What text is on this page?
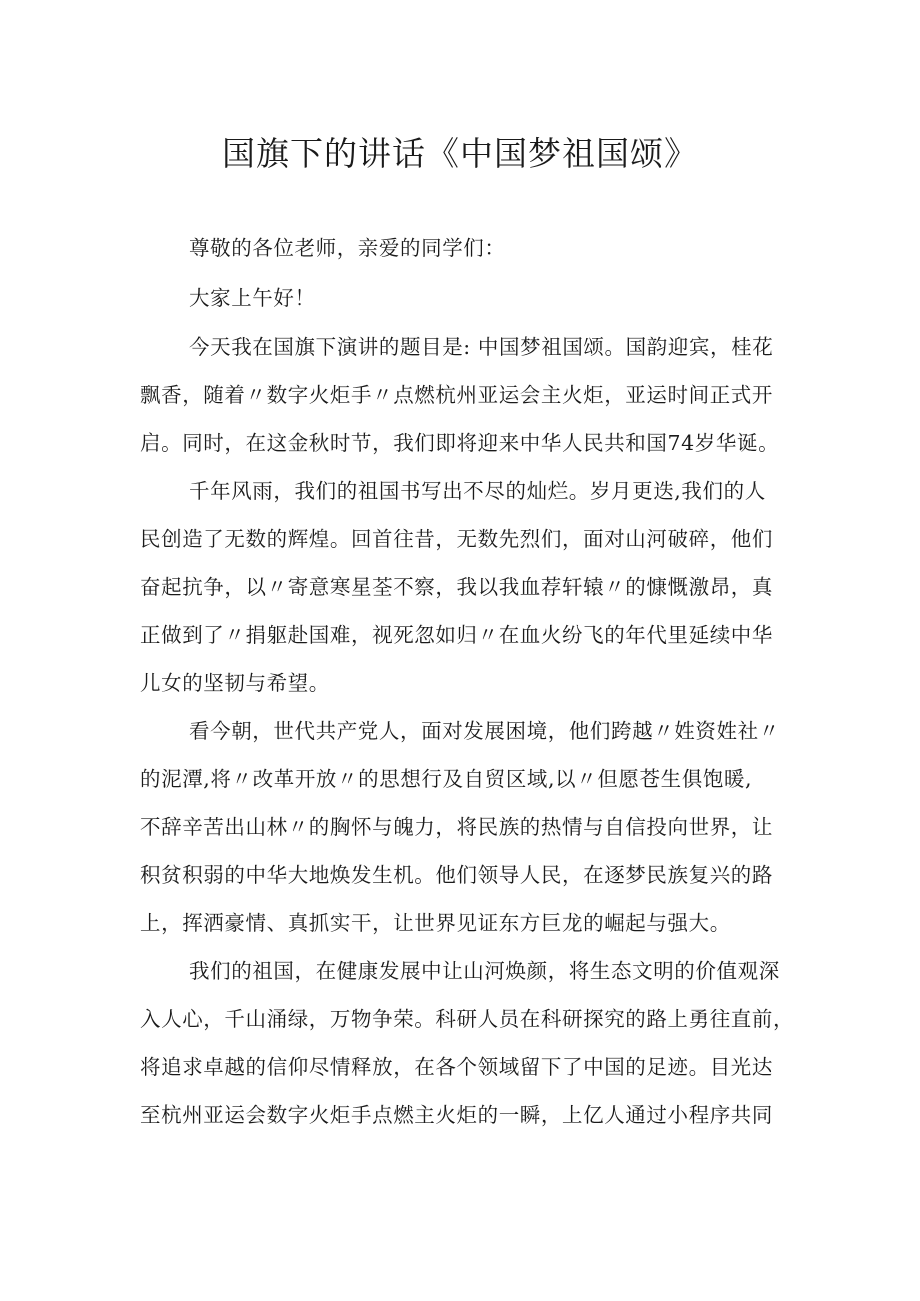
国旗下的讲话《中国梦祖国颂》
尊敬的各位老师，亲爱的同学们：
大家上午好！
今天我在国旗下演讲的题目是: 中国梦祖国颂。国韵迎宾，桂花
飘香，随着〃数字火炬手〃点燃杭州亚运会主火炬，亚运时间正式开
启。同时，在这金秋时节，我们即将迎来中华人民共和国74岁华诞。
千年风雨，我们的祖国书写出不尽的灿烂。岁月更迭,我们的人
民创造了无数的辉煌。回首往昔，无数先烈们，面对山河破碎，他们
奋起抗争，以〃寄意寒星荃不察，我以我血荐轩辕〃的慷慨激昂，真
正做到了〃捐躯赴国难，视死忽如归〃在血火纷飞的年代里延续中华
儿女的坚韧与希望。
看今朝，世代共产党人，面对发展困境，他们跨越〃姓资姓社〃
的泥潭,将〃改革开放〃的思想行及自贸区域,以〃但愿苍生俱饱暖,
不辞辛苦出山林〃的胸怀与魄力，将民族的热情与自信投向世界，让
积贫积弱的中华大地焕发生机。他们领导人民，在逐梦民族复兴的路
上，挥洒豪情、真抓实干，让世界见证东方巨龙的崛起与强大。
我们的祖国，在健康发展中让山河焕颜，将生态文明的价值观深
入人心，千山涌绿，万物争荣。科研人员在科研探究的路上勇往直前，
将追求卓越的信仰尽情释放，在各个领域留下了中国的足迹。目光达
至杭州亚运会数字火炬手点燃主火炬的一瞬，上亿人通过小程序共同
